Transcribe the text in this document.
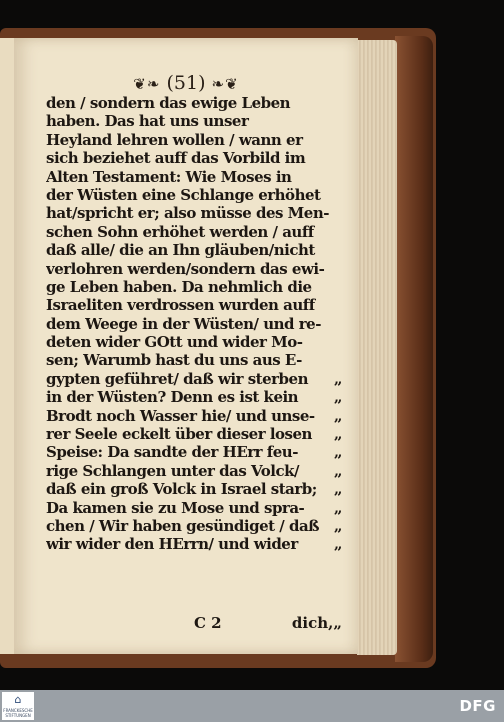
❦❧ (51) ❧❦
den / sondern das ewige Leben
haben. Das hat uns unser
Heyland lehren wollen / wann er
sich beziehet auff das Vorbild im
Alten Testament: Wie Moses in
der Wüsten eine Schlange erhöhet
hat/spricht er; also müsse des Men-
schen Sohn erhöhet werden / auff
daß alle/ die an Ihn gläuben/nicht
verlohren werden/sondern das ewi-
ge Leben haben. Da nehmlich die
Israeliten verdrossen wurden auff
dem Weege in der Wüsten/ und re-
deten wider GOtt und wider Mo-
sen; Warumb hast du uns aus E-
gypten geführet/ daß wir sterben „
in der Wüsten? Denn es ist kein „
Brodt noch Wasser hie/ und unse- „
rer Seele eckelt über dieser losen „
Speise: Da sandte der HErr feu- „
rige Schlangen unter das Volck/ „
daß ein groß Volck in Israel starb; „
Da kamen sie zu Mose und spra- „
chen / Wir haben gesündiget / daß „
wir wider den HErrn/ und wider „
C 2	dich,„
⌂
FRANCKESCHE STIFTUNGEN
DFG
